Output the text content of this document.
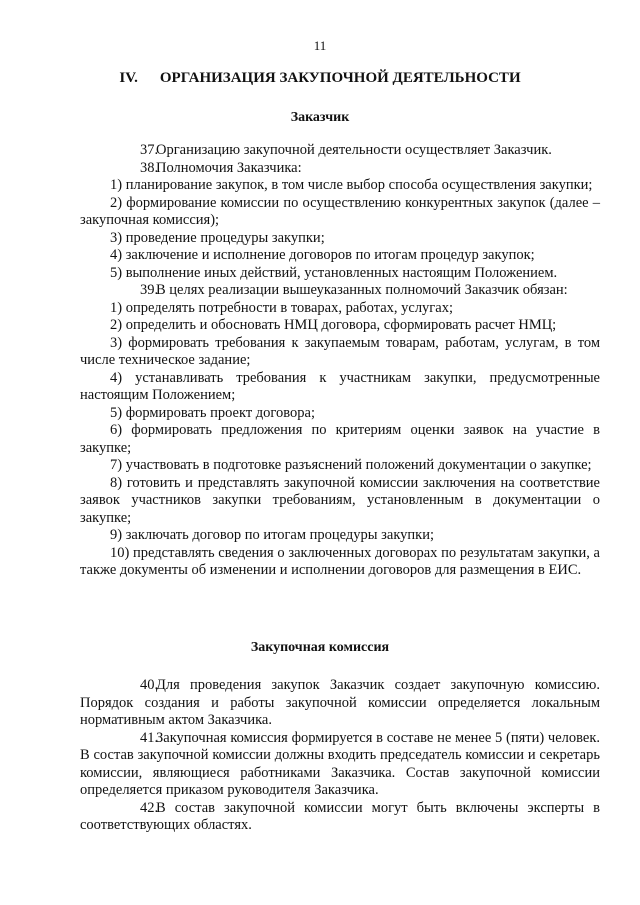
11
IV. ОРГАНИЗАЦИЯ ЗАКУПОЧНОЙ ДЕЯТЕЛЬНОСТИ
Заказчик

37.Организацию закупочной деятельности осуществляет Заказчик.

38.Полномочия Заказчика:

1) планирование закупок, в том числе выбор способа осуществления закупки;

2) формирование комиссии по осуществлению конкурентных закупок (далее – закупочная комиссия);

3) проведение процедуры закупки;

4) заключение и исполнение договоров по итогам процедур закупок;

5) выполнение иных действий, установленных настоящим Положением.

39.В целях реализации вышеуказанных полномочий Заказчик обязан:

1) определять потребности в товарах, работах, услугах;

2) определить и обосновать НМЦ договора, сформировать расчет НМЦ;

3) формировать требования к закупаемым товарам, работам, услугам, в том числе техническое задание;

4) устанавливать требования к участникам закупки, предусмотренные настоящим Положением;

5) формировать проект договора;

6) формировать предложения по критериям оценки заявок на участие в закупке;

7) участвовать в подготовке разъяснений положений документации о закупке;

8) готовить и представлять закупочной комиссии заключения на соответствие заявок участников закупки требованиям, установленным в документации о закупке;

9) заключать договор по итогам процедуры закупки;

10) представлять сведения о заключенных договорах по результатам закупки, а также документы об изменении и исполнении договоров для размещения в ЕИС.

Закупочная комиссия

40.Для проведения закупок Заказчик создает закупочную комиссию. Порядок создания и работы закупочной комиссии определяется локальным нормативным актом Заказчика.

41.Закупочная комиссия формируется в составе не менее 5 (пяти) человек. В состав закупочной комиссии должны входить председатель комиссии и секретарь комиссии, являющиеся работниками Заказчика. Состав закупочной комиссии определяется приказом руководителя Заказчика.

42.В состав закупочной комиссии могут быть включены эксперты в соответствующих областях.
